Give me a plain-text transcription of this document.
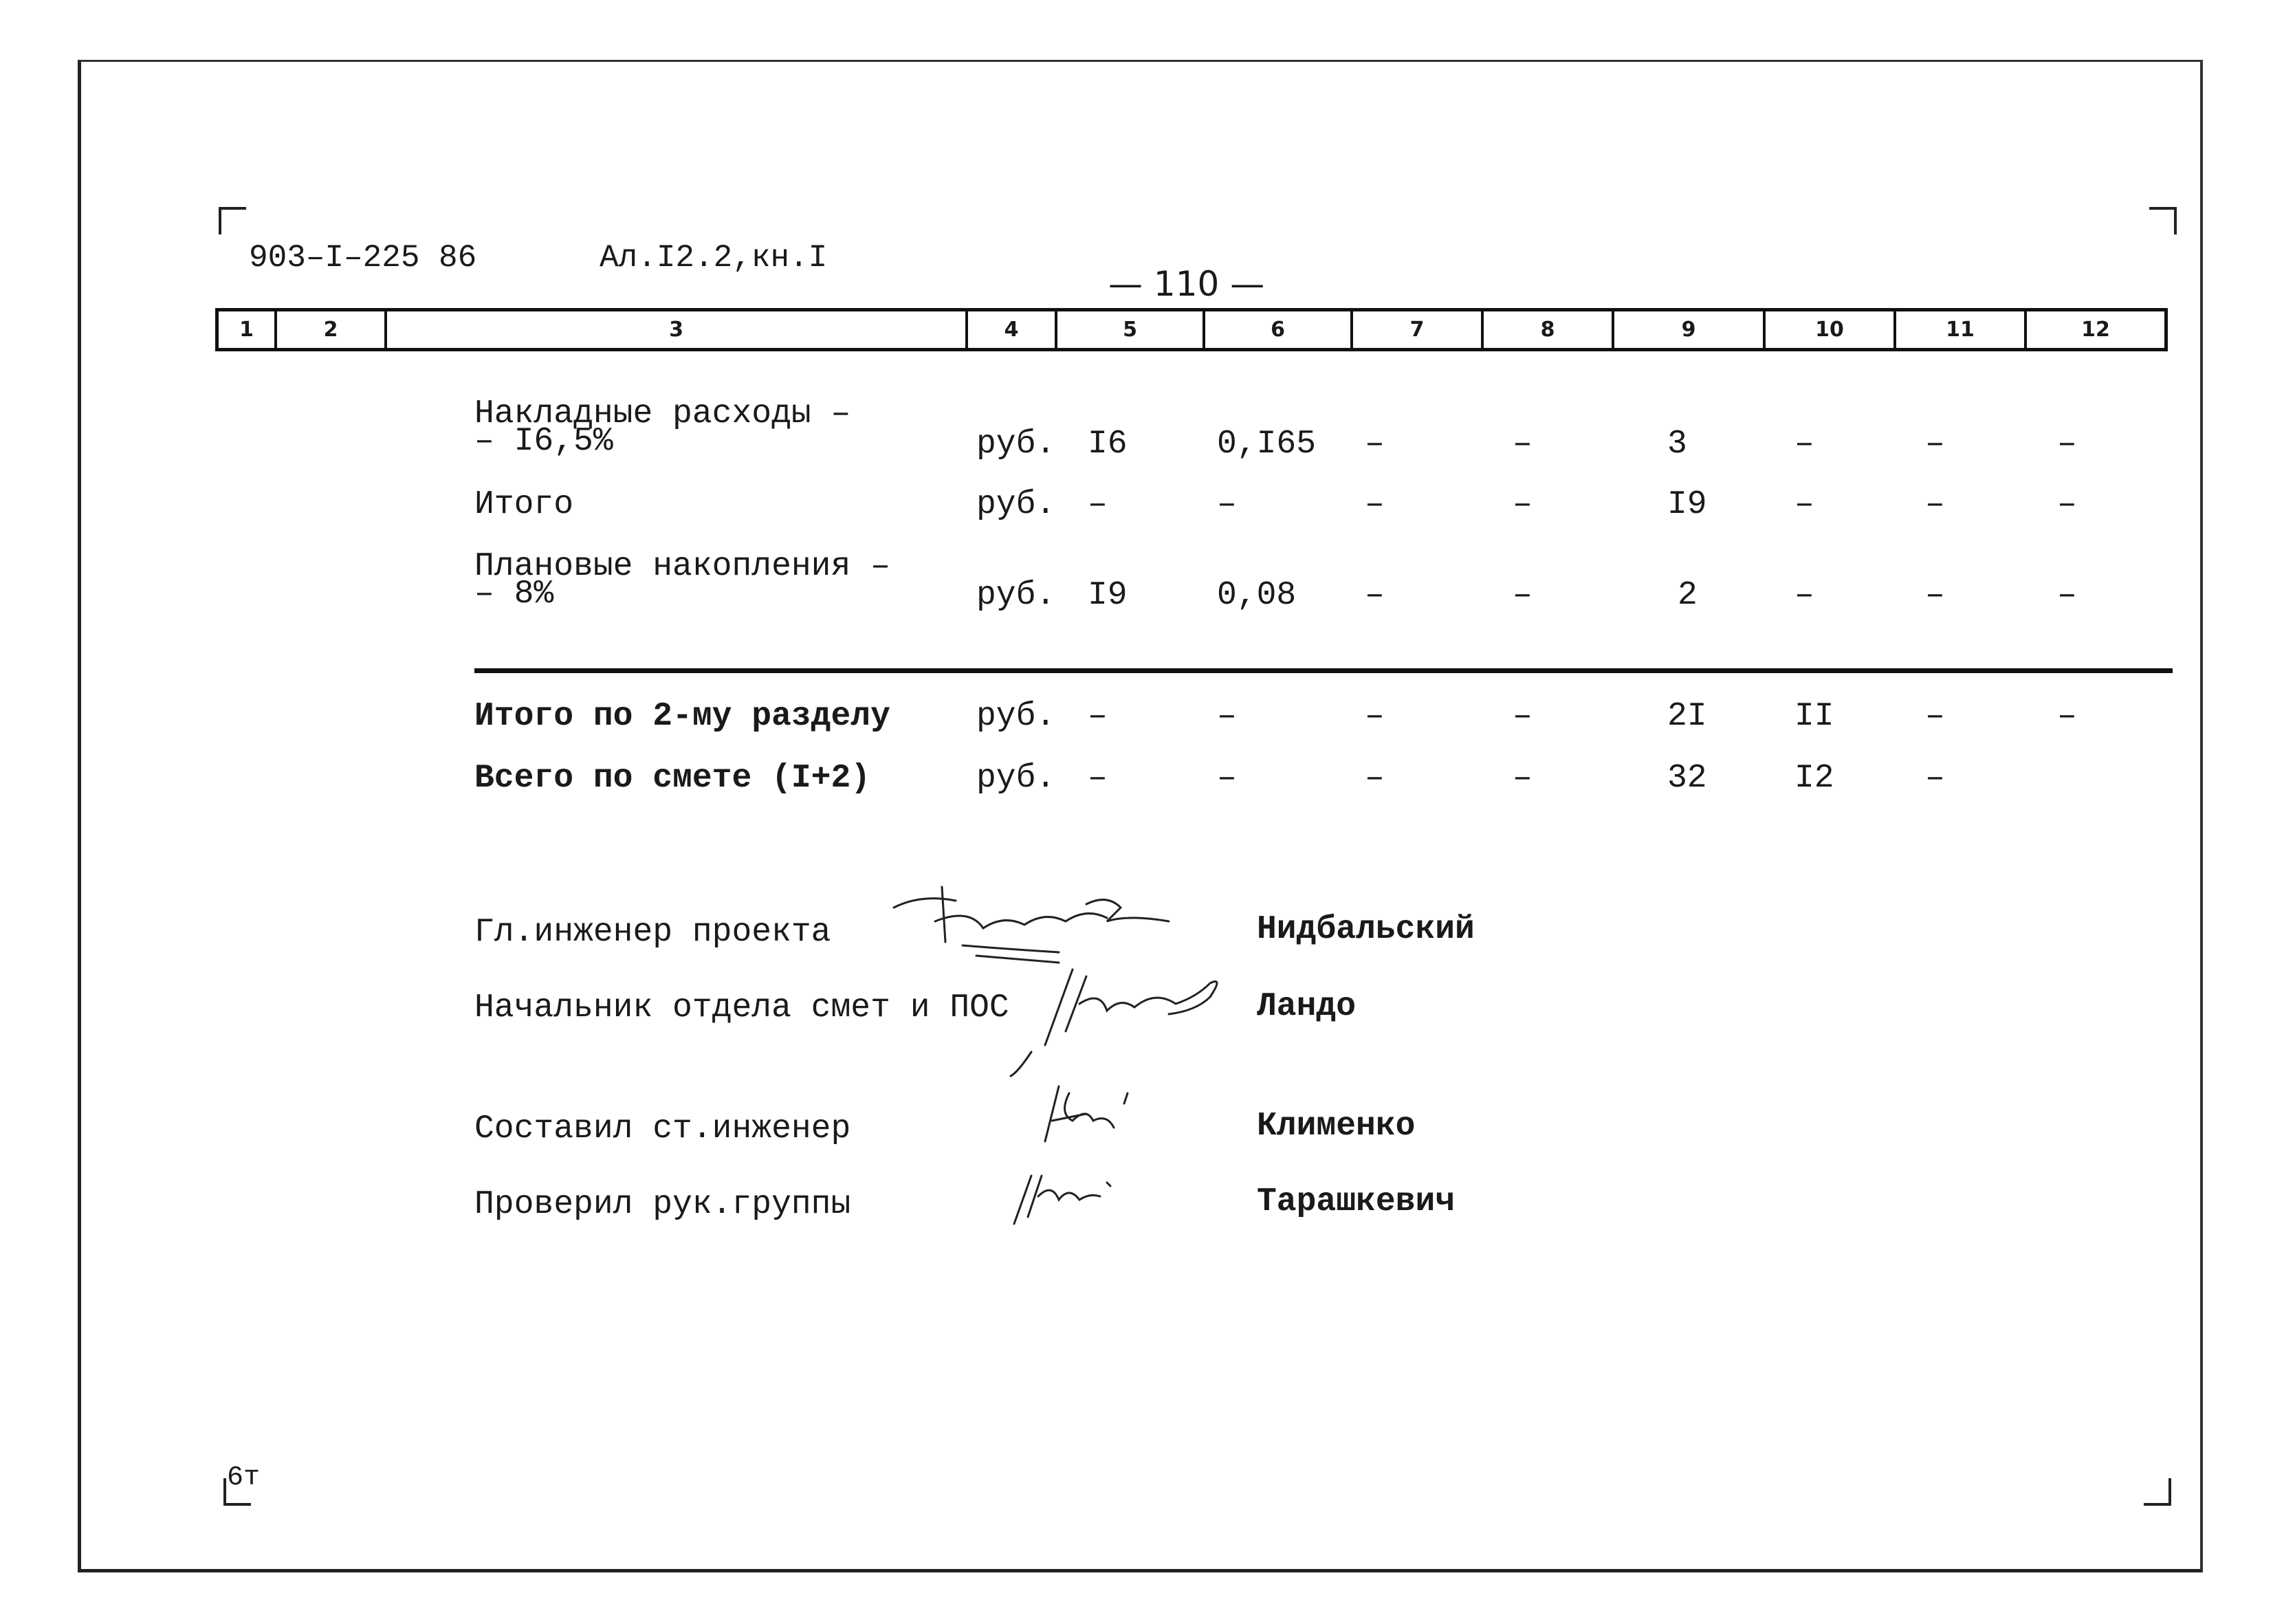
903–I–225 86	Ал.I2.2,кн.I
— 110 —
1	2	3	4	5	6	7	8	9	10	11	12
Накладные расходы –
– I6,5%	руб. I6	0,I65 –	–	3	–	–	–
Итого	руб. –	–	–	–	I9	–	–	–
Плановые накопления –
– 8%	руб. I9	0,08 –	–	2	–	–	–
Итого по 2-му разделу	руб. –	–	–	–	2I	II	–	–
Всего по смете (I+2)	руб. –	–	–	–	32	I2	–
Гл.инженер проекта	Нидбальский
Начальник отдела смет и ПОС	Ландо
Составил ст.инженер	Клименко
Проверил рук.группы	Тарашкевич
6т
